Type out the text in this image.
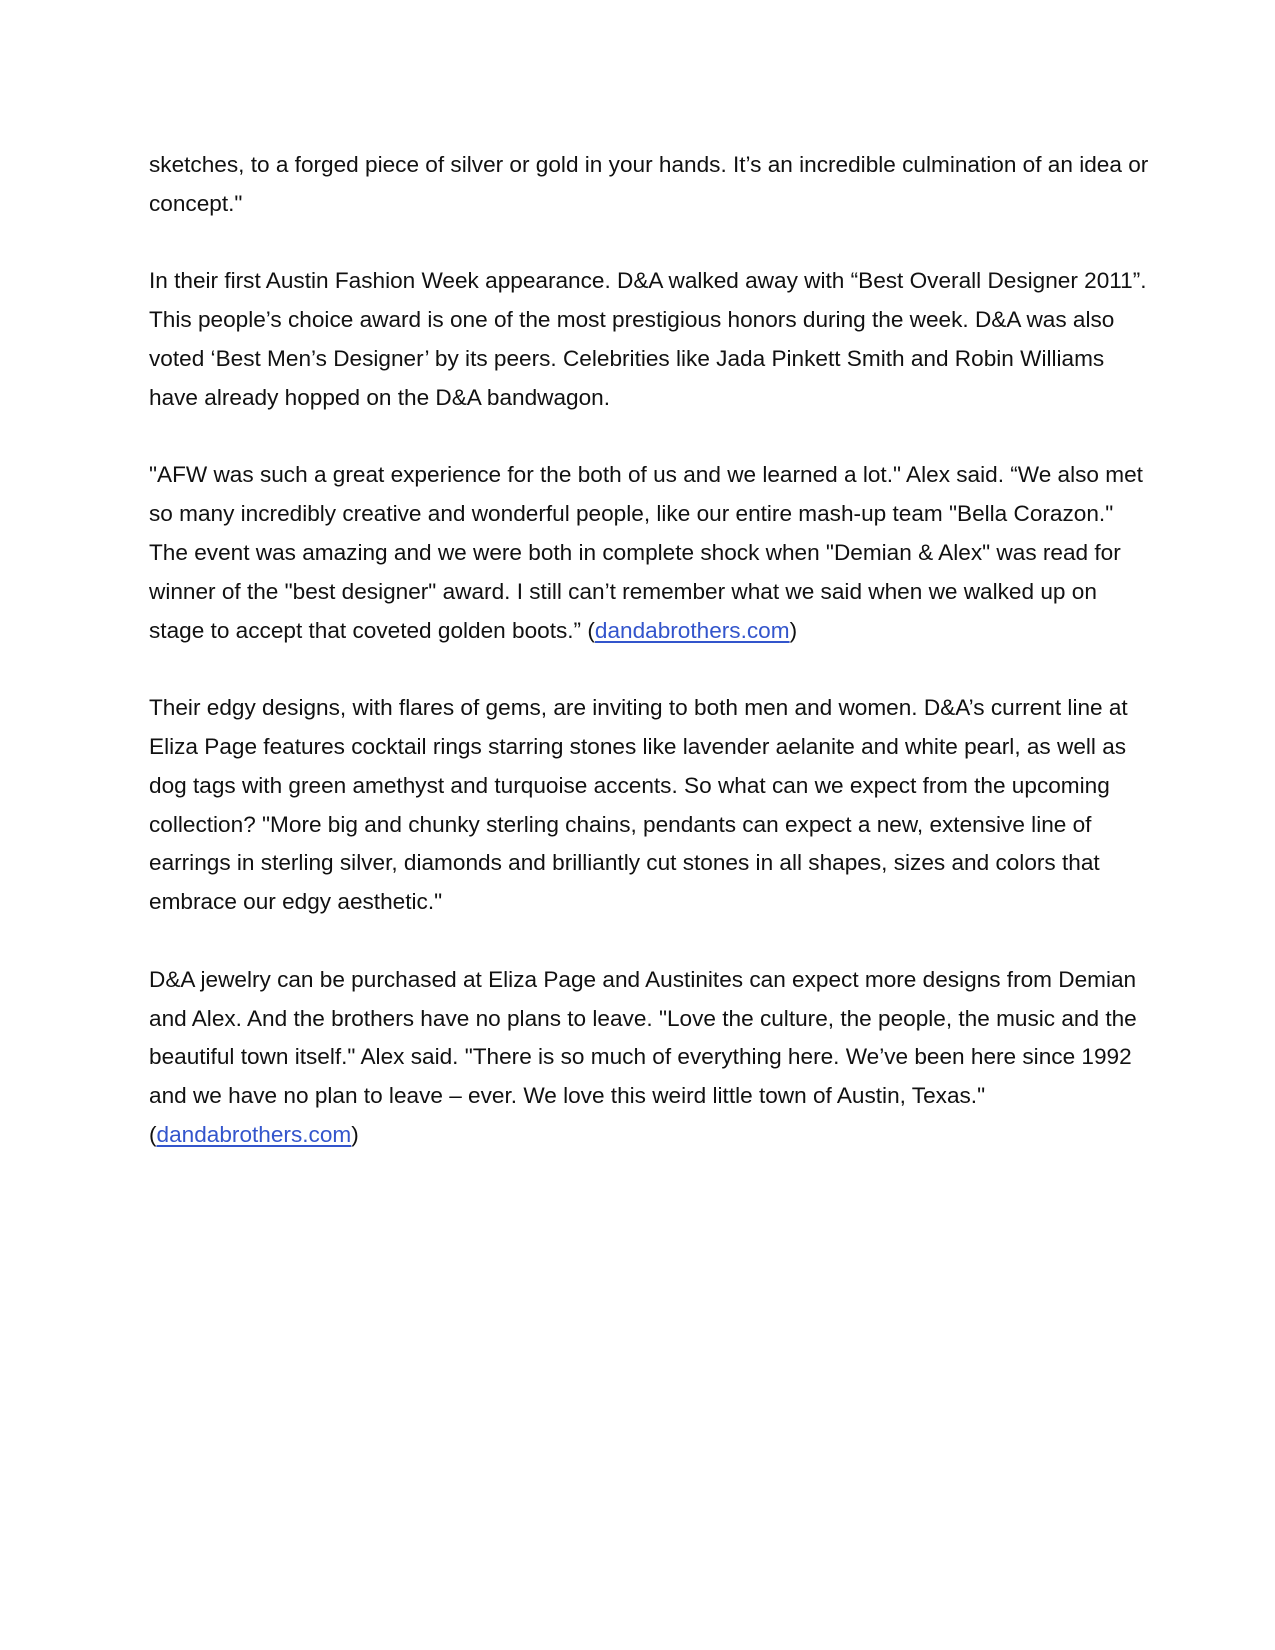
sketches, to a forged piece of silver or gold in your hands. It’s an incredible culmination of an idea or concept."

In their first Austin Fashion Week appearance. D&A walked away with “Best Overall Designer 2011”. This people’s choice award is one of the most prestigious honors during the week. D&A was also voted ‘Best Men’s Designer’ by its peers. Celebrities like Jada Pinkett Smith and Robin Williams have already hopped on the D&A bandwagon.

"AFW was such a great experience for the both of us and we learned a lot." Alex said. “We also met so many incredibly creative and wonderful people, like our entire mash-up team "Bella Corazon." The event was amazing and we were both in complete shock when "Demian & Alex" was read for winner of the "best designer" award. I still can’t remember what we said when we walked up on stage to accept that coveted golden boots.” (dandabrothers.com)

Their edgy designs, with flares of gems, are inviting to both men and women. D&A’s current line at Eliza Page features cocktail rings starring stones like lavender aelanite and white pearl, as well as dog tags with green amethyst and turquoise accents. So what can we expect from the upcoming collection? "More big and chunky sterling chains, pendants can expect a new, extensive line of earrings in sterling silver, diamonds and brilliantly cut stones in all shapes, sizes and colors that embrace our edgy aesthetic."

D&A jewelry can be purchased at Eliza Page and Austinites can expect more designs from Demian and Alex. And the brothers have no plans to leave. "Love the culture, the people, the music and the beautiful town itself." Alex said. "There is so much of everything here. We’ve been here since 1992 and we have no plan to leave – ever. We love this weird little town of Austin, Texas." (dandabrothers.com)
